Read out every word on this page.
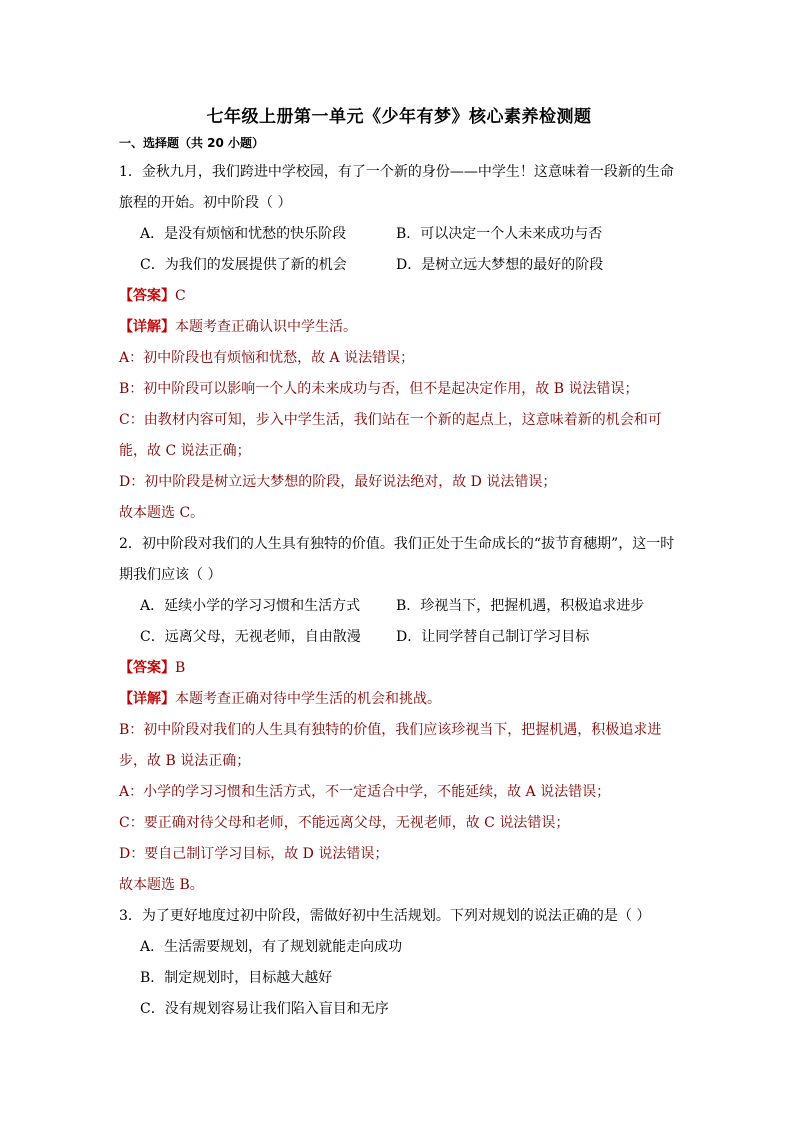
七年级上册第一单元《少年有梦》核心素养检测题
一、选择题（共 20 小题）
1．金秋九月，我们跨进中学校园，有了一个新的身份——中学生！这意味着一段新的生命旅程的开始。初中阶段（ ）
A．是没有烦恼和忧愁的快乐阶段	B．可以决定一个人未来成功与否
C．为我们的发展提供了新的机会	D．是树立远大梦想的最好的阶段
【答案】C
【详解】本题考查正确认识中学生活。
A：初中阶段也有烦恼和忧愁，故 A 说法错误；
B：初中阶段可以影响一个人的未来成功与否，但不是起决定作用，故 B 说法错误；
C：由教材内容可知，步入中学生活，我们站在一个新的起点上，这意味着新的机会和可能，故 C 说法正确；
D：初中阶段是树立远大梦想的阶段，最好说法绝对，故 D 说法错误；
故本题选 C。
2．初中阶段对我们的人生具有独特的价值。我们正处于生命成长的“拔节育穗期”，这一时期我们应该（ ）
A．延续小学的学习习惯和生活方式	B．珍视当下，把握机遇，积极追求进步
C．远离父母，无视老师，自由散漫	D．让同学替自己制订学习目标
【答案】B
【详解】本题考查正确对待中学生活的机会和挑战。
B：初中阶段对我们的人生具有独特的价值，我们应该珍视当下，把握机遇，积极追求进步，故 B 说法正确；
A：小学的学习习惯和生活方式，不一定适合中学，不能延续，故 A 说法错误；
C：要正确对待父母和老师，不能远离父母，无视老师，故 C 说法错误；
D：要自己制订学习目标，故 D 说法错误；
故本题选 B。
3．为了更好地度过初中阶段，需做好初中生活规划。下列对规划的说法正确的是（ ）
A．生活需要规划，有了规划就能走向成功
B．制定规划时，目标越大越好
C．没有规划容易让我们陷入盲目和无序
